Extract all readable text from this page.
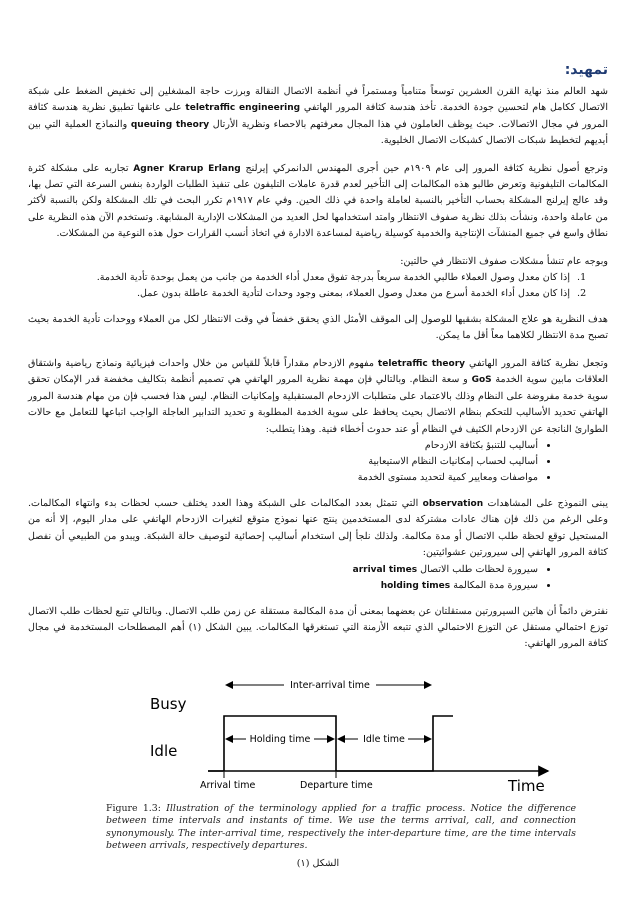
تمهيد:

شهد العالم منذ نهاية القرن العشرين توسعاً متنامياً ومستمراً في أنظمة الاتصال النقالة وبرزت حاجة المشغلين إلى تخفيض الضغط على شبكة الاتصال ككامل هام لتحسين جودة الخدمة. تأخذ هندسة كثافة المرور الهاتفي teletraffic engineering على عاتقها تطبيق نظرية هندسة كثافة المرور في مجال الاتصالات. حيث يوظف العاملون في هذا المجال معرفتهم بالاحصاء ونظرية الأرتال queuing theory والنماذج العملية التي بين أيديهم لتخطيط شبكات الاتصال كشبكات الاتصال الخليوية.

وترجع أصول نظرية كثافة المرور إلى عام ١٩٠٩م حين أجرى المهندس الدانمركي إيرلنج Agner Krarup Erlang تجاربه على مشكلة كثرة المكالمات التليفونية وتعرض طالبو هذه المكالمات إلى التأخير لعدم قدرة عاملات التليفون على تنفيذ الطلبات الواردة بنفس السرعة التي تصل بها، وقد عالج إيرلنج المشكلة بحساب التأخير بالنسبة لعاملة واحدة في ذلك الحين. وفي عام ١٩١٧م تكرر البحث في تلك المشكلة ولكن بالنسبة لأكثر من عاملة واحدة، ونشأت بذلك نظرية صفوف الانتظار وامتد استخدامها لحل العديد من المشكلات الإدارية المشابهة. وتستخدم الآن هذه النظرية على نطاق واسع في جميع المنشآت الإنتاجية والخدمية كوسيلة رياضية لمساعدة الادارة في اتخاذ أنسب القرارات حول هذه النوعية من المشكلات.

وبوجه عام تنشأ مشكلات صفوف الانتظار في حالتين:

1. إذا كان معدل وصول العملاء طالبي الخدمة سريعاً بدرجة تفوق معدل أداء الخدمة من جانب من يعمل بوحدة تأدية الخدمة.
2. إذا كان معدل أداء الخدمة أسرع من معدل وصول العملاء، بمعنى وجود وحدات لتأدية الخدمة عاطلة بدون عمل.

هدف النظرية هو علاج المشكلة بشقيها للوصول إلى الموقف الأمثل الذي يحقق خفضاً في وقت الانتظار لكل من العملاء ووحدات تأدية الخدمة بحيث تصبح مدة الانتظار لكلاهما معاً أقل ما يمكن.

وتجعل نظرية كثافة المرور الهاتفي teletraffic theory مفهوم الازدحام مقداراً قابلاً للقياس من خلال واحدات فيزيائية ونماذج رياضية واشتقاق العلاقات مابين سوية الخدمة GoS و سعة النظام. وبالتالي فإن مهمة نظرية المرور الهاتفي هي تصميم أنظمة بتكاليف مخفضة قدر الإمكان تحقق سوية خدمة مفروضة على النظام وذلك بالاعتماد على متطلبات الازدحام المستقبلية وإمكانيات النظام. ليس هذا فحسب فإن من مهام هندسة المرور الهاتفي تحديد الأساليب للتحكم بنظام الاتصال بحيث يحافظ على سوية الخدمة المطلوبة و تحديد التدابير العاجلة الواجب اتباعها للتعامل مع حالات الطوارئ الناتجة عن الازدحام الكثيف في النظام أو عند حدوث أخطاء فنية. وهذا يتطلب:

• أساليب للتنبؤ بكثافة الازدحام
• أساليب لحساب إمكانيات النظام الاستيعابية
• مواصفات ومعايير كمية لتحديد مستوى الخدمة

يبنى النموذج على المشاهدات observation التي تتمثل بعدد المكالمات على الشبكة وهذا العدد يختلف حسب لحظات بدء وانتهاء المكالمات. وعلى الرغم من ذلك فإن هناك عادات مشتركة لدى المستخدمين ينتج عنها نموذج متوقع لتغيرات الازدحام الهاتفي على مدار اليوم، إلا أنه من المستحيل توقع لحظة طلب الاتصال أو مدة مكالمة. ولذلك نلجأ إلى استخدام أساليب إحصائية لتوصيف حالة الشبكة. ويبدو من الطبيعي أن نفصل كثافة المرور الهاتفي إلى سيرورتين عشوائيتين:

• سيرورة لحظات طلب الاتصال arrival times
• سيرورة مدة المكالمة holding times

نفترض دائماً أن هاتين السيرورتين مستقلتان عن بعضهما بمعنى أن مدة المكالمة مستقلة عن زمن طلب الاتصال. وبالتالي تتبع لحظات طلب الاتصال توزع احتمالي مستقل عن التوزع الاحتمالي الذي تتبعه الأزمنة التي تستغرقها المكالمات. يبين الشكل (١) أهم المصطلحات المستخدمة في مجال كثافة المرور الهاتفي:

Busy
Idle
Inter-arrival time
Holding time	Idle time
Arrival time	Departure time	Time
Figure 1.3: Illustration of the terminology applied for a traffic process. Notice the difference between time intervals and instants of time. We use the terms arrival, call, and connection synonymously. The inter-arrival time, respectively the inter-departure time, are the time intervals between arrivals, respectively departures.
الشكل (١)
